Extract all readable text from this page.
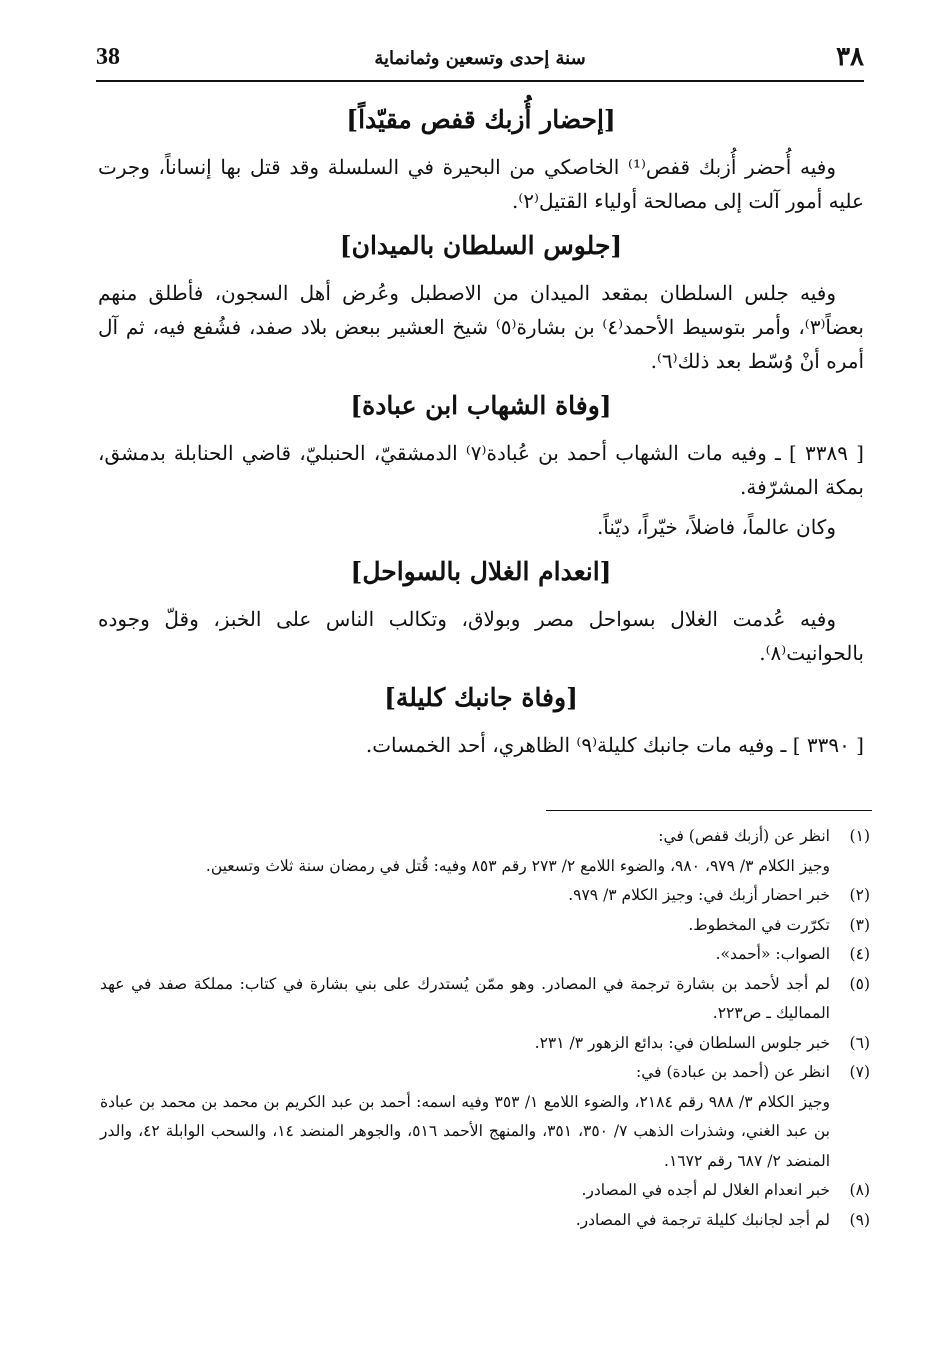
38	سنة إحدى وتسعين وثمانماية	٣٨
[إحضار أُزبك قفص مقيّداً]

وفيه أُحضر أُزبك قفص⁽¹⁾ الخاصكي من البحيرة في السلسلة وقد قتل بها إنساناً، وجرت عليه أمور آلت إلى مصالحة أولياء القتيل⁽٢⁾.

[جلوس السلطان بالميدان]

وفيه جلس السلطان بمقعد الميدان من الاصطبل وعُرض أهل السجون، فأطلق منهم بعضاً⁽٣⁾، وأمر بتوسيط الأحمد⁽٤⁾ بن بشارة⁽٥⁾ شيخ العشير ببعض بلاد صفد، فشُفع فيه، ثم آل أمره أنْ وُسّط بعد ذلك⁽٦⁾.

[وفاة الشهاب ابن عبادة]

[ ٣٣٨٩ ] ـ وفيه مات الشهاب أحمد بن عُبادة⁽٧⁾ الدمشقيّ، الحنبليّ، قاضي الحنابلة بدمشق، بمكة المشرّفة.

وكان عالماً، فاضلاً، خيّراً، ديّناً.

[انعدام الغلال بالسواحل]

وفيه عُدمت الغلال بسواحل مصر وبولاق، وتكالب الناس على الخبز، وقلّ وجوده بالحوانيت⁽٨⁾.

[وفاة جانبك كليلة]

[ ٣٣٩٠ ] ـ وفيه مات جانبك كليلة⁽٩⁾ الظاهري، أحد الخمسات.

(١)
انظر عن (أزبك قفص) في:
وجيز الكلام ٣/ ٩٧٩، ٩٨٠، والضوء اللامع ٢/ ٢٧٣ رقم ٨٥٣ وفيه: قُتل في رمضان سنة ثلاث وتسعين.
(٢)
خبر احضار أزبك في: وجيز الكلام ٣/ ٩٧٩.
(٣)
تكرّرت في المخطوط.
(٤)
الصواب: «أحمد».
(٥)
لم أجد لأحمد بن بشارة ترجمة في المصادر. وهو ممّن يُستدرك على بني بشارة في كتاب: مملكة صفد في عهد المماليك ـ ص٢٢٣.
(٦)
خبر جلوس السلطان في: بدائع الزهور ٣/ ٢٣١.
(٧)
انظر عن (أحمد بن عبادة) في:
وجيز الكلام ٣/ ٩٨٨ رقم ٢١٨٤، والضوء اللامع ١/ ٣٥٣ وفيه اسمه: أحمد بن عبد الكريم بن محمد بن محمد بن عبادة بن عبد الغني، وشذرات الذهب ٧/ ٣٥٠، ٣٥١، والمنهج الأحمد ٥١٦، والجوهر المنضد ١٤، والسحب الوابلة ٤٢، والدر المنضد ٢/ ٦٨٧ رقم ١٦٧٢.
(٨)
خبر انعدام الغلال لم أجده في المصادر.
(٩)
لم أجد لجانبك كليلة ترجمة في المصادر.
